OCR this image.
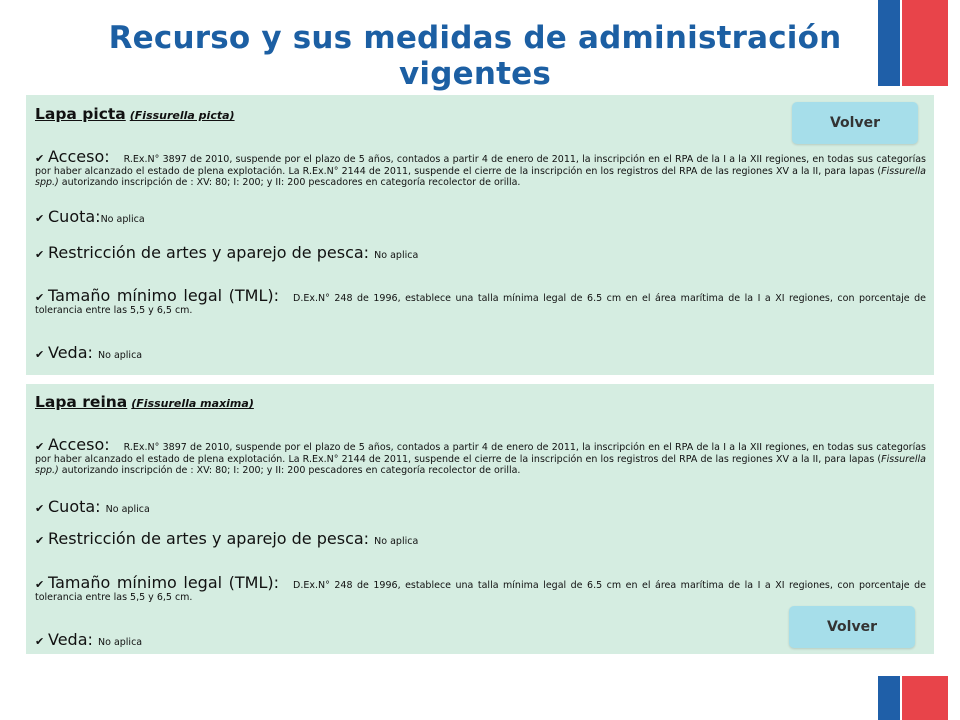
Recurso y sus medidas de administración vigentes
Lapa picta (Fissurella picta)
✔ Acceso: R.Ex.N° 3897 de 2010, suspende por el plazo de 5 años, contados a partir 4 de enero de 2011, la inscripción en el RPA de la I a la XII regiones, en todas sus categorías por haber alcanzado el estado de plena explotación. La R.Ex.N° 2144 de 2011, suspende el cierre de la inscripción en los registros del RPA de las regiones XV a la II, para lapas (Fissurella spp.) autorizando inscripción de : XV: 80; I: 200; y II: 200 pescadores en categoría recolector de orilla.
✔ Cuota:No aplica
✔ Restricción de artes y aparejo de pesca: No aplica
✔ Tamaño mínimo legal (TML): D.Ex.N° 248 de 1996, establece una talla mínima legal de 6.5 cm en el área marítima de la I a XI regiones, con porcentaje de tolerancia entre las 5,5 y 6,5 cm.
✔ Veda: No aplica
Lapa reina (Fissurella maxima)
✔ Acceso: R.Ex.N° 3897 de 2010, suspende por el plazo de 5 años, contados a partir 4 de enero de 2011, la inscripción en el RPA de la I a la XII regiones, en todas sus categorías por haber alcanzado el estado de plena explotación. La R.Ex.N° 2144 de 2011, suspende el cierre de la inscripción en los registros del RPA de las regiones XV a la II, para lapas (Fissurella spp.) autorizando inscripción de : XV: 80; I: 200; y II: 200 pescadores en categoría recolector de orilla.
✔ Cuota: No aplica
✔ Restricción de artes y aparejo de pesca: No aplica
✔ Tamaño mínimo legal (TML): D.Ex.N° 248 de 1996, establece una talla mínima legal de 6.5 cm en el área marítima de la I a XI regiones, con porcentaje de tolerancia entre las 5,5 y 6,5 cm.
✔ Veda: No aplica
Volver
Volver
